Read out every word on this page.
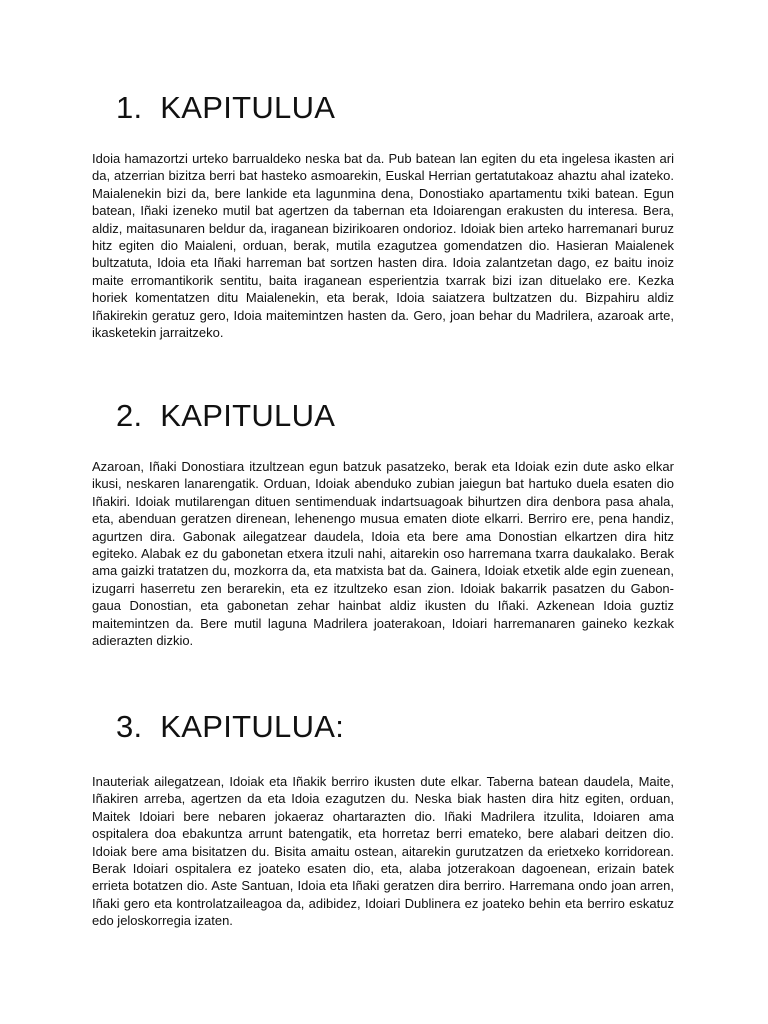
1.  KAPITULUA

Idoia hamazortzi urteko barrualdeko neska bat da. Pub batean lan egiten du eta ingelesa ikasten ari da, atzerrian bizitza berri bat hasteko asmoarekin, Euskal Herrian gertatutakoaz ahaztu ahal izateko. Maialenekin bizi da, bere lankide eta lagunmina dena, Donostiako apartamentu txiki batean. Egun batean, Iñaki izeneko mutil bat agertzen da tabernan eta Idoiarengan erakusten du interesa. Bera, aldiz, maitasunaren beldur da, iraganean bizirikoaren ondorioz. Idoiak bien arteko harremanari buruz hitz egiten dio Maialeni, orduan, berak, mutila ezagutzea gomendatzen dio. Hasieran Maialenek bultzatuta, Idoia eta Iñaki harreman bat sortzen hasten dira. Idoia zalantzetan dago, ez baitu inoiz maite erromantikorik sentitu, baita iraganean esperientzia txarrak bizi izan dituelako ere. Kezka horiek komentatzen ditu Maialenekin, eta berak, Idoia saiatzera bultzatzen du. Bizpahiru aldiz Iñakirekin geratuz gero, Idoia maitemintzen hasten da. Gero, joan behar du Madrilera, azaroak arte, ikasketekin jarraitzeko.

2.  KAPITULUA

Azaroan, Iñaki Donostiara itzultzean egun batzuk pasatzeko, berak eta Idoiak ezin dute asko elkar ikusi, neskaren lanarengatik. Orduan, Idoiak abenduko zubian jaiegun bat hartuko duela esaten dio Iñakiri. Idoiak mutilarengan dituen sentimenduak indartsuagoak bihurtzen dira denbora pasa ahala, eta, abenduan geratzen direnean, lehenengo musua ematen diote elkarri. Berriro ere, pena handiz, agurtzen dira. Gabonak ailegatzear daudela, Idoia eta bere ama Donostian elkartzen dira hitz egiteko. Alabak ez du gabonetan etxera itzuli nahi, aitarekin oso harremana txarra daukalako. Berak ama gaizki tratatzen du, mozkorra da, eta matxista bat da. Gainera, Idoiak etxetik alde egin zuenean, izugarri haserretu zen berarekin, eta ez itzultzeko esan zion. Idoiak bakarrik pasatzen du Gabon-gaua Donostian, eta gabonetan zehar hainbat aldiz ikusten du Iñaki. Azkenean Idoia guztiz maitemintzen da. Bere mutil laguna Madrilera joaterakoan, Idoiari harremanaren gaineko kezkak adierazten dizkio.

3.  KAPITULUA:

Inauteriak ailegatzean, Idoiak eta Iñakik berriro ikusten dute elkar. Taberna batean daudela, Maite, Iñakiren arreba, agertzen da eta Idoia ezagutzen du. Neska biak hasten dira hitz egiten, orduan, Maitek Idoiari bere nebaren jokaeraz ohartarazten dio. Iñaki Madrilera itzulita, Idoiaren ama ospitalera doa ebakuntza arrunt batengatik, eta horretaz berri emateko, bere alabari deitzen dio. Idoiak bere ama bisitatzen du. Bisita amaitu ostean, aitarekin gurutzatzen da erietxeko korridorean. Berak Idoiari ospitalera ez joateko esaten dio, eta, alaba jotzerakoan dagoenean, erizain batek errieta botatzen dio. Aste Santuan, Idoia eta Iñaki geratzen dira berriro. Harremana ondo joan arren, Iñaki gero eta kontrolatzaileagoa da, adibidez, Idoiari Dublinera ez joateko behin eta berriro eskatuz edo jeloskorregia izaten.
